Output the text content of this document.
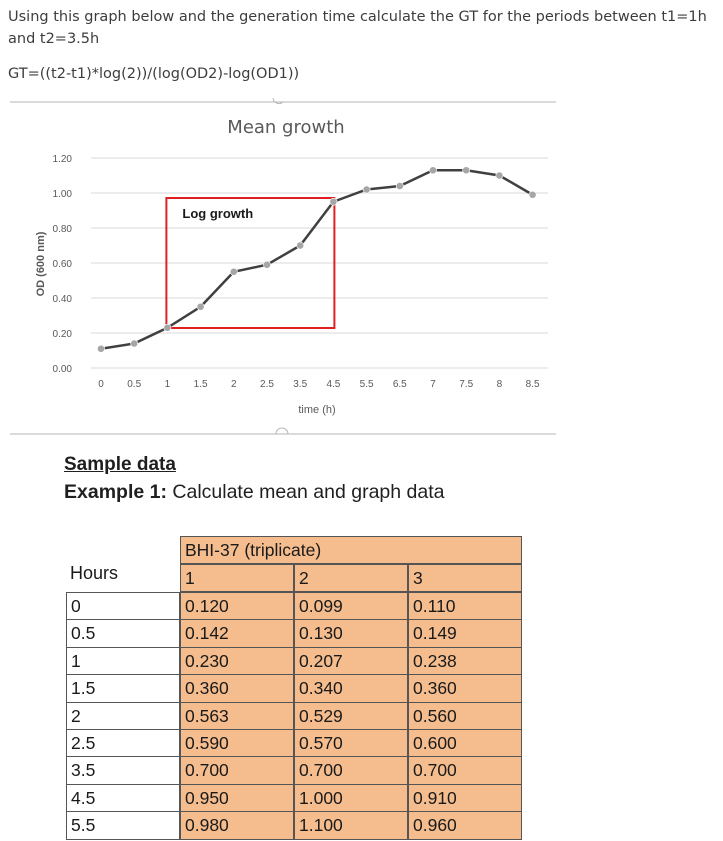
Using this graph below and the generation time calculate the GT for the periods between t1=1h and t2=3.5h
GT=((t2-t1)*log(2))/(log(OD2)-log(OD1))
0.00
0.20
0.40
0.60
0.80
1.00
1.20
0 0.5 1 1.5 2 2.5 3.5 4.5 5.5 6.5 7 7.5 8 8.5
time (h)
OD (600 nm)
Mean growth
Log growth
Sample data
Example 1: Calculate mean and graph data
Hours
BHI-37 (triplicate)
1	2	3
0	0.120	0.099	0.110
0.5	0.142	0.130	0.149
1	0.230	0.207	0.238
1.5	0.360	0.340	0.360
2	0.563	0.529	0.560
2.5	0.590	0.570	0.600
3.5	0.700	0.700	0.700
4.5	0.950	1.000	0.910
5.5	0.980	1.100	0.960
